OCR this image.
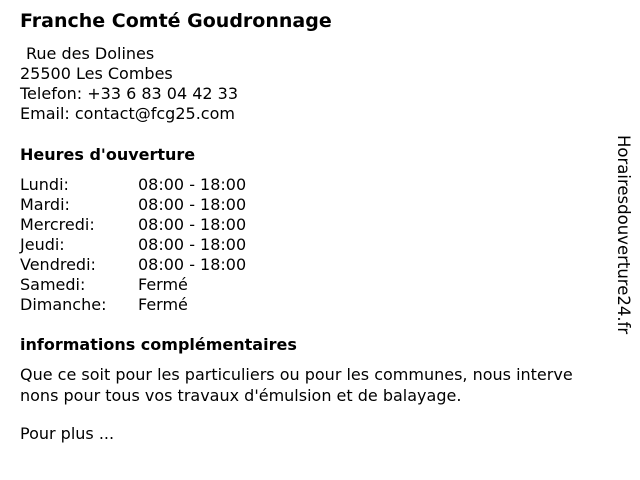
Franche Comté Goudronnage
Rue des Dolines
25500 Les Combes
Telefon: +33 6 83 04 42 33
Email: contact@fcg25.com
Heures d'ouverture
Lundi:	08:00 - 18:00
Mardi:	08:00 - 18:00
Mercredi:	08:00 - 18:00
Jeudi:	08:00 - 18:00
Vendredi:	08:00 - 18:00
Samedi:	Fermé
Dimanche:	Fermé
informations complémentaires

Que ce soit pour les particuliers ou pour les communes, nous interve
nons pour tous vos travaux d'émulsion et de balayage.

Pour plus ...

Horairesdouverture24.fr
